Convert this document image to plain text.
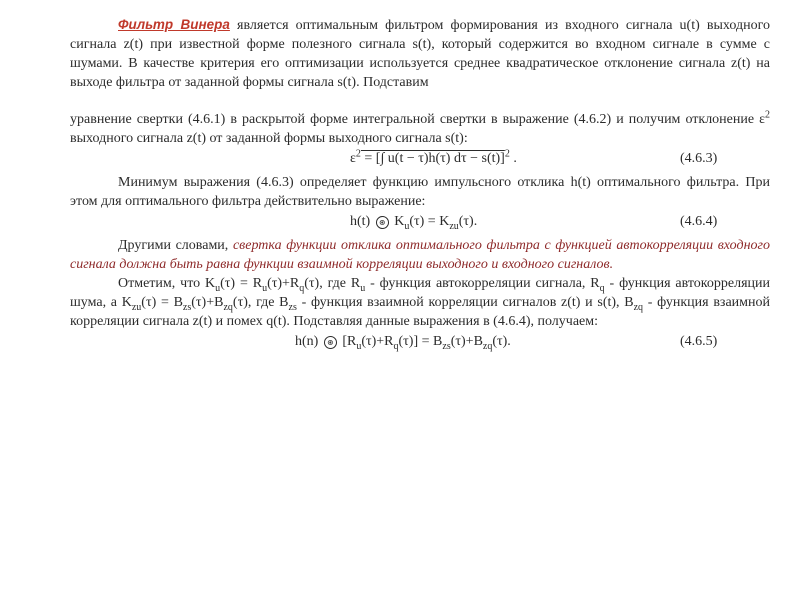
Фильтр Винера является оптимальным фильтром формирования из входного сигнала u(t) выходного сигнала z(t) при известной форме полезного сигнала s(t), который содержится во входном сигнале в сумме с шумами. В качестве критерия его оптимизации используется среднее квадратическое отклонение сигнала z(t) на выходе фильтра от заданной формы сигнала s(t). Подставим

уравнение свертки (4.6.1) в раскрытой форме интегральной свертки в выражение (4.6.2) и получим отклонение $\varepsilon^2$ выходного сигнала z(t) от заданной формы выходного сигнала s(t):

$\varepsilon^2$ = [∫ u(t − τ)h(τ) dτ − s(t)]$^2$ .	(4.6.3)

Минимум выражения (4.6.3) определяет функцию импульсного отклика h(t) оптимального фильтра. При этом для оптимального фильтра действительно выражение:

h(t) ⊛ $K_u(\tau) = K_{zu}(\tau)$.	(4.6.4)

Другими словами, свертка функции отклика оптимального фильтра с функцией автокорреляции входного сигнала должна быть равна функции взаимной корреляции выходного и входного сигналов.

Отметим, что $K_u(\tau) = R_u(\tau)+R_q(\tau)$, где $R_u$ - функция автокорреляции сигнала, $R_q$ - функция автокорреляции шума, а $K_{zu}(\tau) = B_{zs}(\tau)+B_{zq}(\tau)$, где $B_{zs}$ - функция взаимной корреляции сигналов z(t) и s(t), $B_{zq}$ - функция взаимной корреляции сигнала z(t) и помех q(t). Подставляя данные выражения в (4.6.4), получаем:

h(n) ⊛ $[R_u(\tau)+R_q(\tau)] = B_{zs}(\tau)+B_{zq}(\tau)$.	(4.6.5)
